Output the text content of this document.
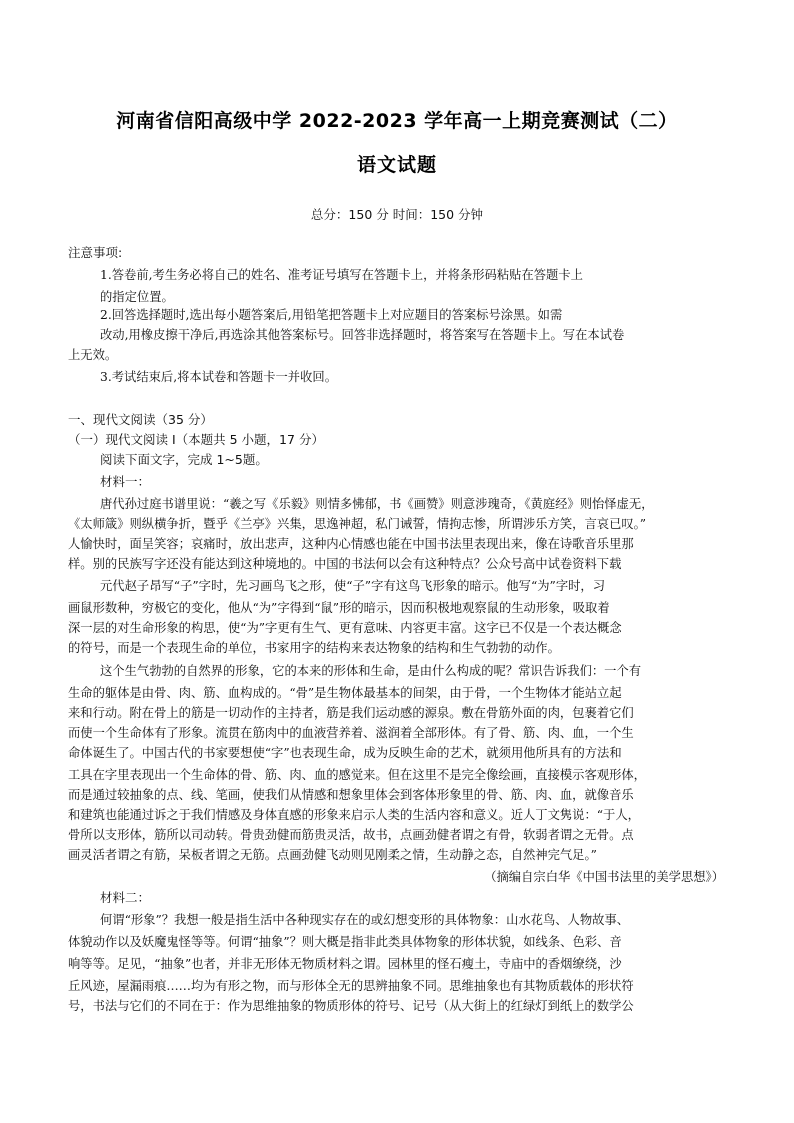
河南省信阳高级中学 2022-2023 学年高一上期竞赛测试（二）
语文试题
总分：150 分 时间：150 分钟
注意事项:
1.答卷前,考生务必将自己的姓名、准考证号填写在答题卡上，并将条形码粘贴在答题卡上
的指定位置。
2.回答选择题时,选出每小题答案后,用铅笔把答题卡上对应题目的答案标号涂黑。如需
改动,用橡皮擦干净后,再选涂其他答案标号。回答非选择题时，将答案写在答题卡上。写在本试卷
上无效。
3.考试结束后,将本试卷和答题卡一并收回。
一、现代文阅读（35 分）
（一）现代文阅读 I（本题共 5 小题，17 分）
阅读下面文字，完成 1~5题。
材料一：
唐代孙过庭书谱里说：“羲之写《乐毅》则情多怫郁，书《画赞》则意涉瑰奇，《黄庭经》则怡怿虚无，
《太师箴》则纵横争折，暨乎《兰亭》兴集，思逸神超，私门诫誓，情拘志惨，所谓涉乐方笑，言哀已叹。”
人愉快时，面呈笑容；哀痛时，放出悲声，这种内心情感也能在中国书法里表现出来，像在诗歌音乐里那
样。别的民族写字还没有能达到这种境地的。中国的书法何以会有这种特点？公众号高中试卷资料下载
元代赵子昂写“子”字时，先习画鸟飞之形，使“子”字有这鸟飞形象的暗示。他写“为”字时，习
画鼠形数种，穷极它的变化，他从“为”字得到“鼠”形的暗示，因而积极地观察鼠的生动形象，吸取着
深一层的对生命形象的构思，使“为”字更有生气、更有意味、内容更丰富。这字已不仅是一个表达概念
的符号，而是一个表现生命的单位，书家用字的结构来表达物象的结构和生气勃勃的动作。
这个生气勃勃的自然界的形象，它的本来的形体和生命，是由什么构成的呢？常识告诉我们：一个有
生命的躯体是由骨、肉、筋、血构成的。“骨”是生物体最基本的间架，由于骨，一个生物体才能站立起
来和行动。附在骨上的筋是一切动作的主持者，筋是我们运动感的源泉。敷在骨筋外面的肉，包裹着它们
而使一个生命体有了形象。流贯在筋肉中的血液营养着、滋润着全部形体。有了骨、筋、肉、血，一个生
命体诞生了。中国古代的书家要想使“字”也表现生命，成为反映生命的艺术，就须用他所具有的方法和
工具在字里表现出一个生命体的骨、筋、肉、血的感觉来。但在这里不是完全像绘画，直接模示客观形体，
而是通过较抽象的点、线、笔画，使我们从情感和想象里体会到客体形象里的骨、筋、肉、血，就像音乐
和建筑也能通过诉之于我们情感及身体直感的形象来启示人类的生活内容和意义。近人丁文隽说：“于人，
骨所以支形体，筋所以司动转。骨贵劲健而筋贵灵活，故书，点画劲健者谓之有骨，软弱者谓之无骨。点
画灵活者谓之有筋，呆板者谓之无筋。点画劲健飞动则见刚柔之情，生动静之态，自然神完气足。”
（摘编自宗白华《中国书法里的美学思想》）
材料二：
何谓“形象”？我想一般是指生活中各种现实存在的或幻想变形的具体物象：山水花鸟、人物故事、
体貌动作以及妖魔鬼怪等等。何谓“抽象”？则大概是指非此类具体物象的形体状貌，如线条、色彩、音
响等等。足见，“抽象”也者，并非无形体无物质材料之谓。园林里的怪石瘦土，寺庙中的香烟缭绕，沙
丘风迹，屋漏雨痕……均为有形之物，而与形体全无的思辨抽象不同。思维抽象也有其物质载体的形状符
号，书法与它们的不同在于：作为思维抽象的物质形体的符号、记号（从大街上的红绿灯到纸上的数学公
